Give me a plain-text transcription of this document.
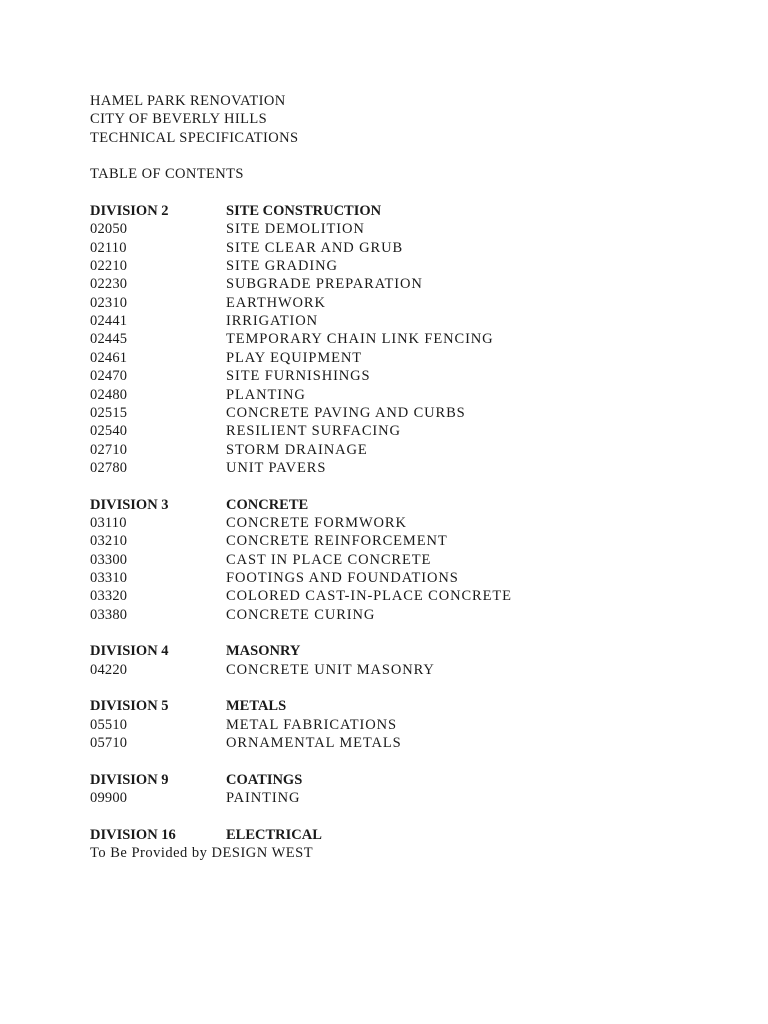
HAMEL PARK RENOVATION
CITY OF BEVERLY HILLS
TECHNICAL SPECIFICATIONS
TABLE OF CONTENTS
DIVISION 2	SITE CONSTRUCTION
02050	SITE DEMOLITION
02110	SITE CLEAR AND GRUB
02210	SITE GRADING
02230	SUBGRADE PREPARATION
02310	EARTHWORK
02441	IRRIGATION
02445	TEMPORARY CHAIN LINK FENCING
02461	PLAY EQUIPMENT
02470	SITE FURNISHINGS
02480	PLANTING
02515	CONCRETE PAVING AND CURBS
02540	RESILIENT SURFACING
02710	STORM DRAINAGE
02780	UNIT PAVERS
DIVISION 3	CONCRETE
03110	CONCRETE FORMWORK
03210	CONCRETE REINFORCEMENT
03300	CAST IN PLACE CONCRETE
03310	FOOTINGS AND FOUNDATIONS
03320	COLORED CAST-IN-PLACE CONCRETE
03380	CONCRETE CURING
DIVISION 4	MASONRY
04220	CONCRETE UNIT MASONRY
DIVISION 5	METALS
05510	METAL FABRICATIONS
05710	ORNAMENTAL METALS
DIVISION 9	COATINGS
09900	PAINTING
DIVISION 16	ELECTRICAL
To Be Provided by DESIGN WEST
